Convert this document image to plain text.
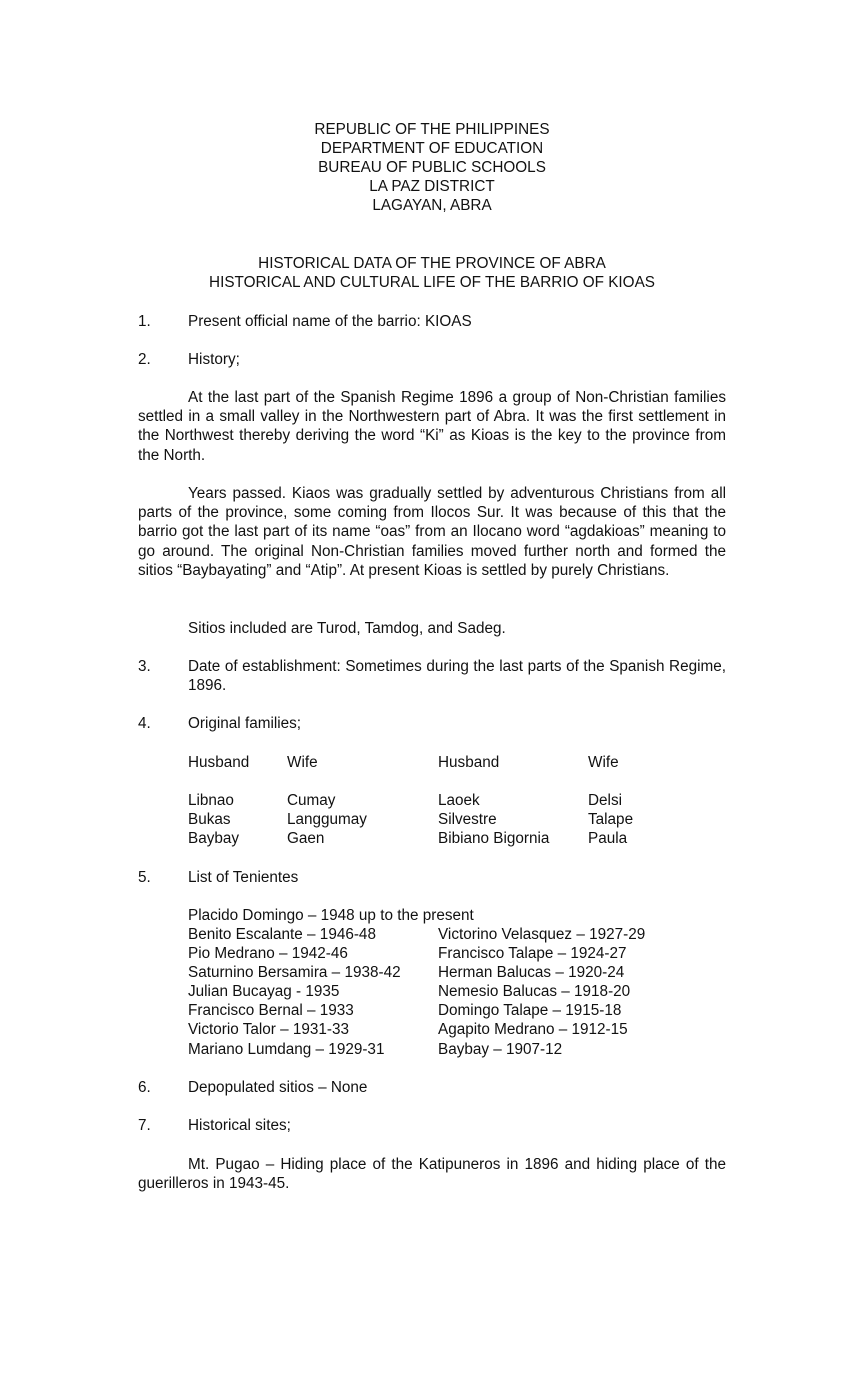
REPUBLIC OF THE PHILIPPINES
DEPARTMENT OF EDUCATION
BUREAU OF PUBLIC SCHOOLS
LA PAZ DISTRICT
LAGAYAN, ABRA
HISTORICAL DATA OF THE PROVINCE OF ABRA
HISTORICAL AND CULTURAL LIFE OF THE BARRIO OF KIOAS
1. Present official name of the barrio: KIOAS
2. History;

At the last part of the Spanish Regime 1896 a group of Non-Christian families settled in a small valley in the Northwestern part of Abra. It was the first settlement in the Northwest thereby deriving the word “Ki” as Kioas is the key to the province from the North.

Years passed. Kiaos was gradually settled by adventurous Christians from all parts of the province, some coming from Ilocos Sur. It was because of this that the barrio got the last part of its name “oas” from an Ilocano word “agdakioas” meaning to go around. The original Non-Christian families moved further north and formed the sitios “Baybayating” and “Atip”. At present Kioas is settled by purely Christians.

Sitios included are Turod, Tamdog, and Sadeg.
3. Date of establishment: Sometimes during the last parts of the Spanish Regime, 1896.
4. Original families;
Husband Wife	Husband	Wife
Libnao	Cumay	Laoek	Delsi
Bukas	Langgumay	Silvestre	Talape
Baybay	Gaen	Bibiano Bigornia	Paula
5. List of Tenientes
Placido Domingo – 1948 up to the present
Benito Escalante – 1946-48
Pio Medrano – 1942-46
Saturnino Bersamira – 1938-42
Julian Bucayag - 1935
Francisco Bernal – 1933
Victorio Talor – 1931-33
Mariano Lumdang – 1929-31
Victorino Velasquez – 1927-29
Francisco Talape – 1924-27
Herman Balucas – 1920-24
Nemesio Balucas – 1918-20
Domingo Talape – 1915-18
Agapito Medrano – 1912-15
Baybay – 1907-12
6. Depopulated sitios – None
7. Historical sites;

Mt. Pugao – Hiding place of the Katipuneros in 1896 and hiding place of the guerilleros in 1943-45.
